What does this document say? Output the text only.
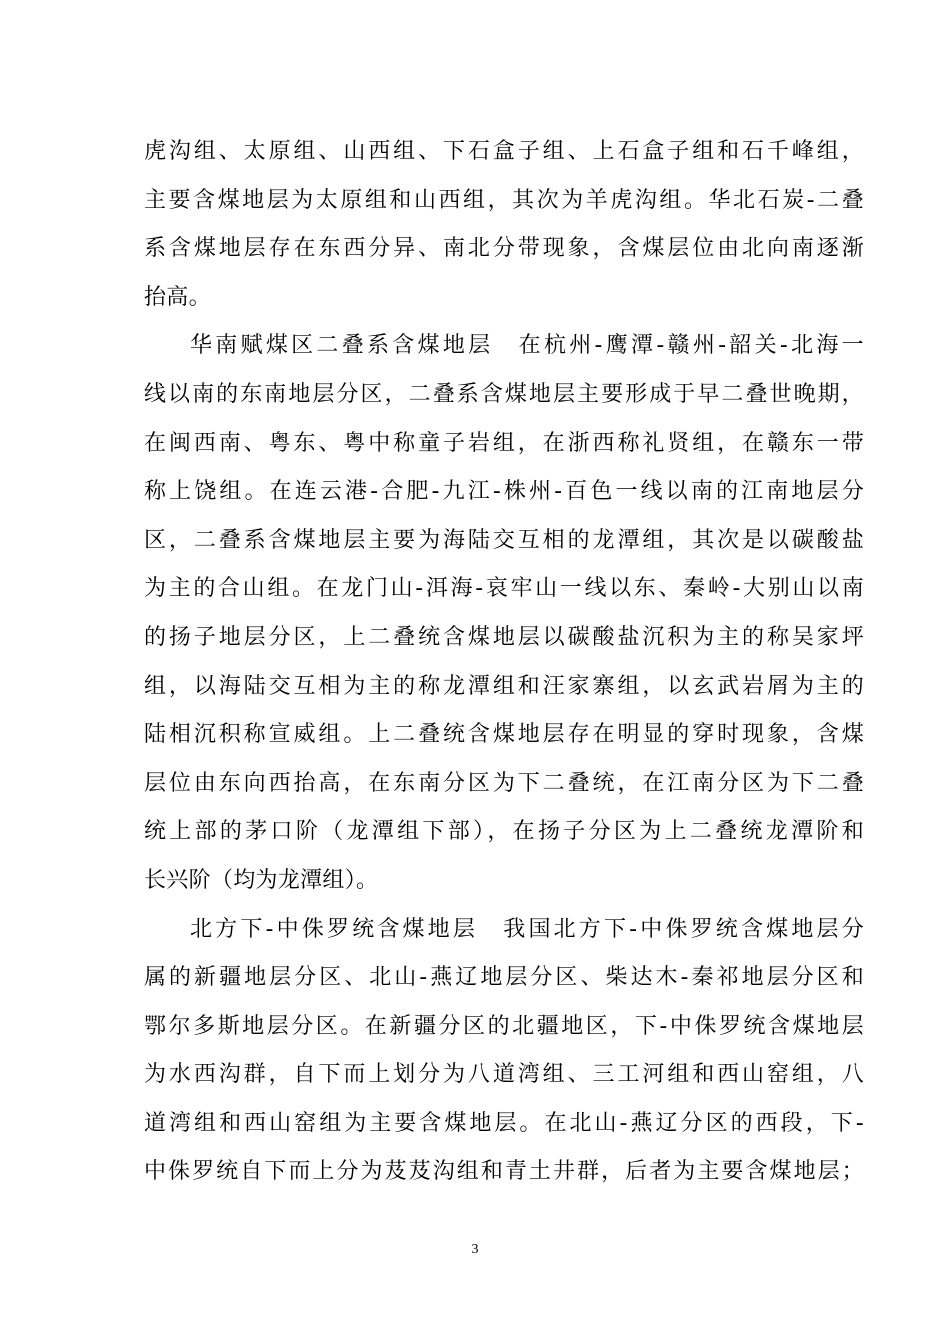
虎沟组、太原组、山西组、下石盒子组、上石盒子组和石千峰组，
主要含煤地层为太原组和山西组，其次为羊虎沟组。华北石炭-二叠
系含煤地层存在东西分异、南北分带现象，含煤层位由北向南逐渐
抬高。
华南赋煤区二叠系含煤地层　在杭州-鹰潭-赣州-韶关-北海一
线以南的东南地层分区，二叠系含煤地层主要形成于早二叠世晚期，
在闽西南、粤东、粤中称童子岩组，在浙西称礼贤组，在赣东一带
称上饶组。在连云港-合肥-九江-株州-百色一线以南的江南地层分
区，二叠系含煤地层主要为海陆交互相的龙潭组，其次是以碳酸盐
为主的合山组。在龙门山-洱海-哀牢山一线以东、秦岭-大别山以南
的扬子地层分区，上二叠统含煤地层以碳酸盐沉积为主的称吴家坪
组，以海陆交互相为主的称龙潭组和汪家寨组，以玄武岩屑为主的
陆相沉积称宣威组。上二叠统含煤地层存在明显的穿时现象，含煤
层位由东向西抬高，在东南分区为下二叠统，在江南分区为下二叠
统上部的茅口阶（龙潭组下部），在扬子分区为上二叠统龙潭阶和
长兴阶（均为龙潭组）。
北方下-中侏罗统含煤地层　我国北方下-中侏罗统含煤地层分
属的新疆地层分区、北山-燕辽地层分区、柴达木-秦祁地层分区和
鄂尔多斯地层分区。在新疆分区的北疆地区，下-中侏罗统含煤地层
为水西沟群，自下而上划分为八道湾组、三工河组和西山窑组，八
道湾组和西山窑组为主要含煤地层。在北山-燕辽分区的西段，下-
中侏罗统自下而上分为芨芨沟组和青土井群，后者为主要含煤地层；
3
